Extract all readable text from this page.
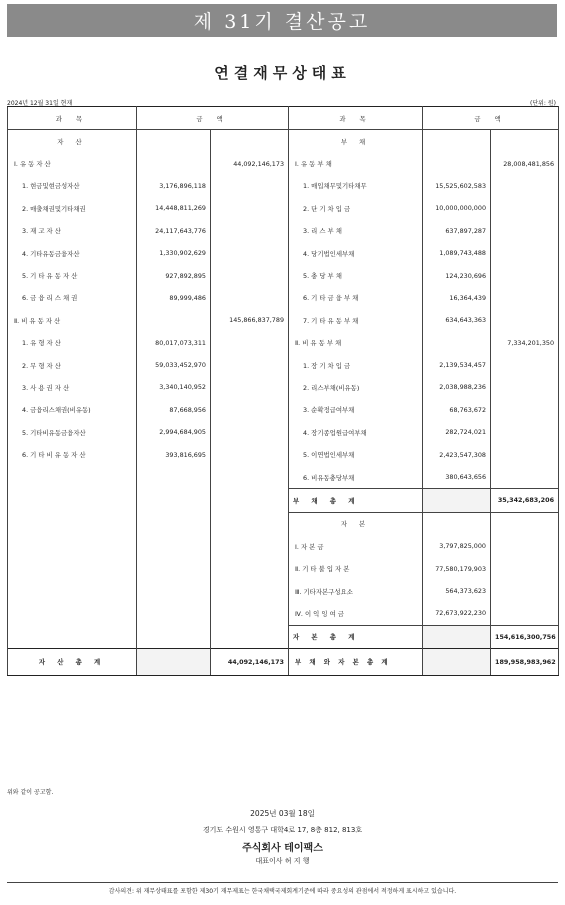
제 31기 결산공고
연결재무상태표
2024년 12월 31일 현재	(단위: 원)
과 목	금 액		과 목	금 액	
자 산			부 채		
Ⅰ. 유 동 자 산		44,092,146,173	Ⅰ. 유 동 부 채		28,008,481,856
1. 현금및현금성자산	3,176,896,118		1. 매입채무및기타채무	15,525,602,583	
2. 매출채권및기타채권	14,448,811,269		2. 단 기 차 입 금	10,000,000,000	
3. 재 고 자 산	24,117,643,776		3. 리 스 부 채	637,897,287	
4. 기타유동금융자산	1,330,902,629		4. 당기법인세부채	1,089,743,488	
5. 기 타 유 동 자 산	927,892,895		5. 충 당 부 채	124,230,696	
6. 금 융 리 스 채 권	89,999,486		6. 기 타 금 융 부 채	16,364,439	
Ⅱ. 비 유 동 자 산		145,866,837,789	7. 기 타 유 동 부 채	634,643,363	
1. 유 형 자 산	80,017,073,311		Ⅱ. 비 유 동 부 채		7,334,201,350
2. 무 형 자 산	59,033,452,970		1. 장 기 차 입 금	2,139,534,457	
3. 사 용 권 자 산	3,340,140,952		2. 리스부채(비유동)	2,038,988,236	
4. 금융리스채권(비유동)	87,668,956		3. 순확정급여부채	68,763,672	
5. 기타비유동금융자산	2,994,684,905		4. 장기종업원급여부채	282,724,021	
6. 기 타 비 유 동 자 산	393,816,695		5. 이연법인세부채	2,423,547,308	
			6. 비유동충당부채	380,643,656	
			부 채 총 계		35,342,683,206
			자 본		
			Ⅰ. 자 본 금	3,797,825,000	
			Ⅱ. 기 타 불 입 자 본	77,580,179,903	
			Ⅲ. 기타자본구성요소	564,373,623	
			Ⅳ. 이 익 잉 여 금	72,673,922,230	
			자 본 총 계		154,616,300,756
자 산 총 계		44,092,146,173	부 채 와 자 본 총 계		189,958,983,962
위와 같이 공고함.
2025년 03월 18일
경기도 수원시 영통구 대학4로 17, 8층 812, 813호
주식회사 테이팩스
대표이사 허 지 행
감사의견: 위 재무상태표를 포함한 제30기 재무제표는 한국채택국제회계기준에 따라 중요성의 관점에서 적정하게 표시하고 있습니다.
